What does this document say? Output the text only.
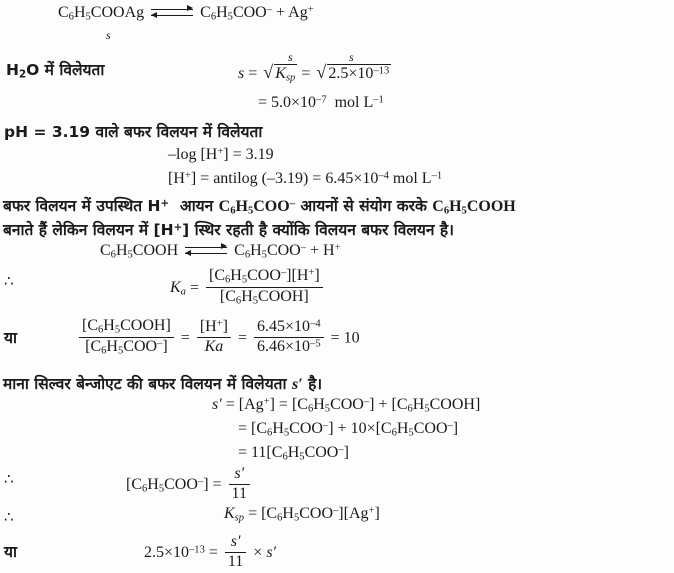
$C_6H_5COOAg$	$C_6H_5COO^- + Ag^+$
s
$H_2O$ में विलेयता
s	s
s = √ $K_{sp}$ = √ $2.5\times 10^{-13}$
= $5.0\times 10^{-7}$  mol $L^{-1}$
pH = 3.19 वाले बफर विलयन में विलेयता
–log [H+] = 3.19
[H+] = antilog $(-3.19) = 6.45\times 10^{-4}$ mol $L^{-1}$
बफर विलयन में उपस्थित H+  आयन $C_6H_5COO^-$ आयनों से संयोग करके $C_6H_5COOH$
बनाते हैं लेकिन विलयन में [H+] स्थिर रहती है क्योंकि विलयन बफर विलयन है।
$C_6H_5COOH$	$C_6H_5COO^- + H^+$
∴	$K_a = \frac{[C_6H_5COO^-][H^+]}{[C_6H_5COOH]}$
या	$\frac{[C_6H_5COOH]}{[C_6H_5COO^-]} = \frac{[H^+]}{Ka} = \frac{6.45\times 10^{-4}}{6.46\times 10^{-5}} = 10$
माना सिल्वर बेन्जोएट की बफर विलयन में विलेयता s′ है।
$s' = [Ag^+] = [C_6H_5COO^-]$ + $[C_6H_5COOH]$
= $[C_6H_5COO^-] + 10\times[C_6H_5COO^-]$
= $11[C_6H_5COO^-]$
∴	$[C_6H_5COO^-] = \frac{s'}{11}$
∴	$K_{sp} = [C_6H_5COO^-][Ag^+]$
या	$2.5\times 10^{-13} = \frac{s'}{11} \times s'$
